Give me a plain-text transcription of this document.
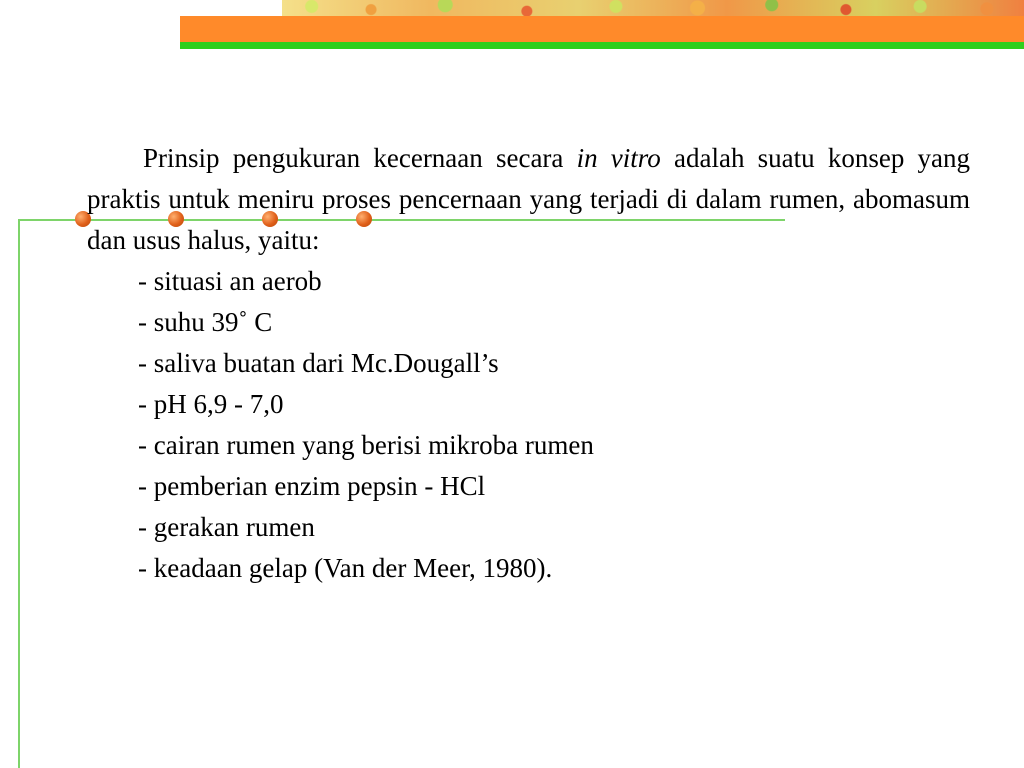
Prinsip pengukuran kecernaan secara in vitro adalah suatu konsep yang praktis untuk meniru proses pencernaan yang terjadi di dalam rumen, abomasum dan usus halus, yaitu:

- situasi an aerob
- suhu 39˚ C
- saliva buatan dari Mc.Dougall’s
- pH 6,9 - 7,0
- cairan rumen yang berisi mikroba rumen
- pemberian enzim pepsin - HCl
- gerakan rumen
- keadaan gelap (Van der Meer, 1980).
